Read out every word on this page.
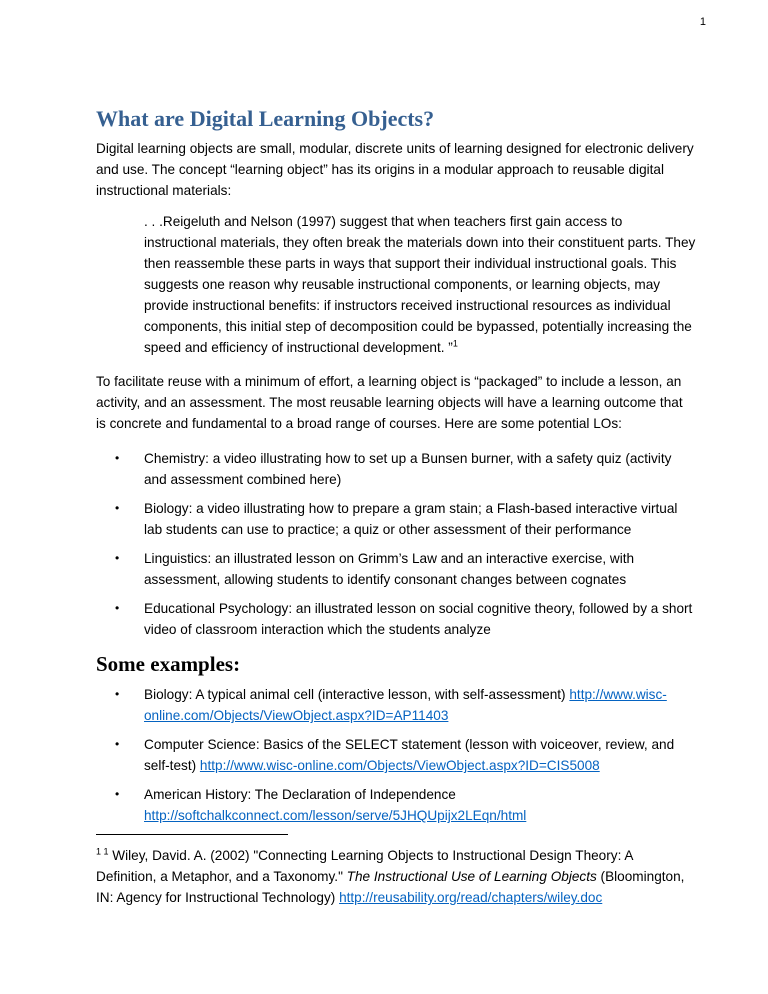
1
What are Digital Learning Objects?

Digital learning objects are small, modular, discrete units of learning designed for electronic delivery and use. The concept “learning object” has its origins in a modular approach to reusable digital instructional materials:

. . .Reigeluth and Nelson (1997) suggest that when teachers first gain access to instructional materials, they often break the materials down into their constituent parts. They then reassemble these parts in ways that support their individual instructional goals. This suggests one reason why reusable instructional components, or learning objects, may provide instructional benefits: if instructors received instructional resources as individual components, this initial step of decomposition could be bypassed, potentially increasing the speed and efficiency of instructional development. ”$^1$

To facilitate reuse with a minimum of effort, a learning object is “packaged” to include a lesson, an activity, and an assessment. The most reusable learning objects will have a learning outcome that is concrete and fundamental to a broad range of courses. Here are some potential LOs:

• Chemistry: a video illustrating how to set up a Bunsen burner, with a safety quiz (activity and assessment combined here)
• Biology: a video illustrating how to prepare a gram stain; a Flash-based interactive virtual lab students can use to practice; a quiz or other assessment of their performance
• Linguistics: an illustrated lesson on Grimm’s Law and an interactive exercise, with assessment, allowing students to identify consonant changes between cognates
• Educational Psychology: an illustrated lesson on social cognitive theory, followed by a short video of classroom interaction which the students analyze
Some examples:
• Biology: A typical animal cell (interactive lesson, with self-assessment) http://www.wisc-online.com/Objects/ViewObject.aspx?ID=AP11403
• Computer Science: Basics of the SELECT statement (lesson with voiceover, review, and self-test) http://www.wisc-online.com/Objects/ViewObject.aspx?ID=CIS5008
• American History: The Declaration of Independence http://softchalkconnect.com/lesson/serve/5JHQUpijx2LEqn/html

$^{1 1}$ Wiley, David. A. (2002) "Connecting Learning Objects to Instructional Design Theory: A Definition, a Metaphor, and a Taxonomy." The Instructional Use of Learning Objects (Bloomington, IN: Agency for Instructional Technology) http://reusability.org/read/chapters/wiley.doc
